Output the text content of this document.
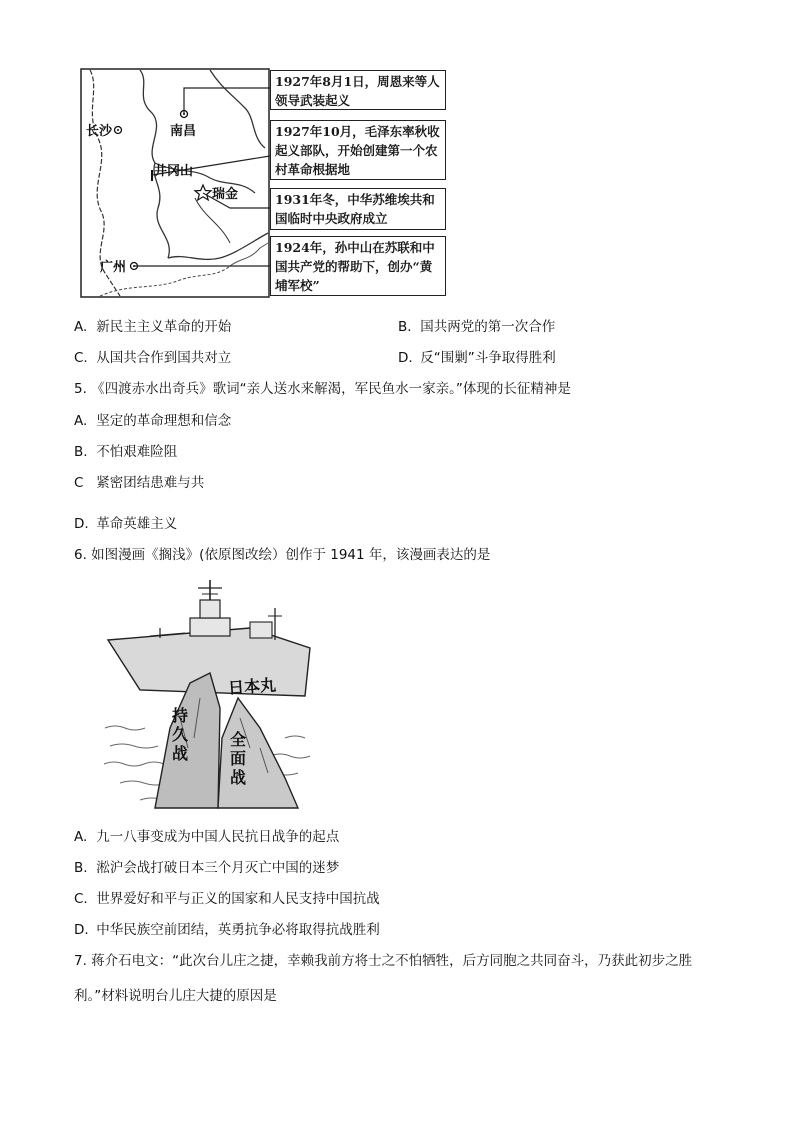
长沙	南昌
井冈山
瑞金
广州
1927年8月1日，周恩来等人领导武装起义
1927年10月，毛泽东率秋收起义部队，开始创建第一个农村革命根据地
1931年冬，中华苏维埃共和国临时中央政府成立
1924年，孙中山在苏联和中国共产党的帮助下，创办“黄埔军校”
A. 新民主主义革命的开始	B. 国共两党的第一次合作
C. 从国共合作到国共对立	D. 反“围剿”斗争取得胜利
5. 《四渡赤水出奇兵》歌词“亲人送水来解渴，军民鱼水一家亲。”体现的长征精神是
A. 坚定的革命理想和信念
B. 不怕艰难险阻
C 紧密团结患难与共
D. 革命英雄主义
6. 如图漫画《搁浅》(依原图改绘）创作于 1941 年，该漫画表达的是
日本丸
持久战
全面战
A. 九一八事变成为中国人民抗日战争的起点
B. 淞沪会战打破日本三个月灭亡中国的迷梦
C. 世界爱好和平与正义的国家和人民支持中国抗战
D. 中华民族空前团结，英勇抗争必将取得抗战胜利
7. 蒋介石电文：“此次台儿庄之捷，幸赖我前方将士之不怕牺牲，后方同胞之共同奋斗，乃获此初步之胜
利。”材料说明台儿庄大捷的原因是
